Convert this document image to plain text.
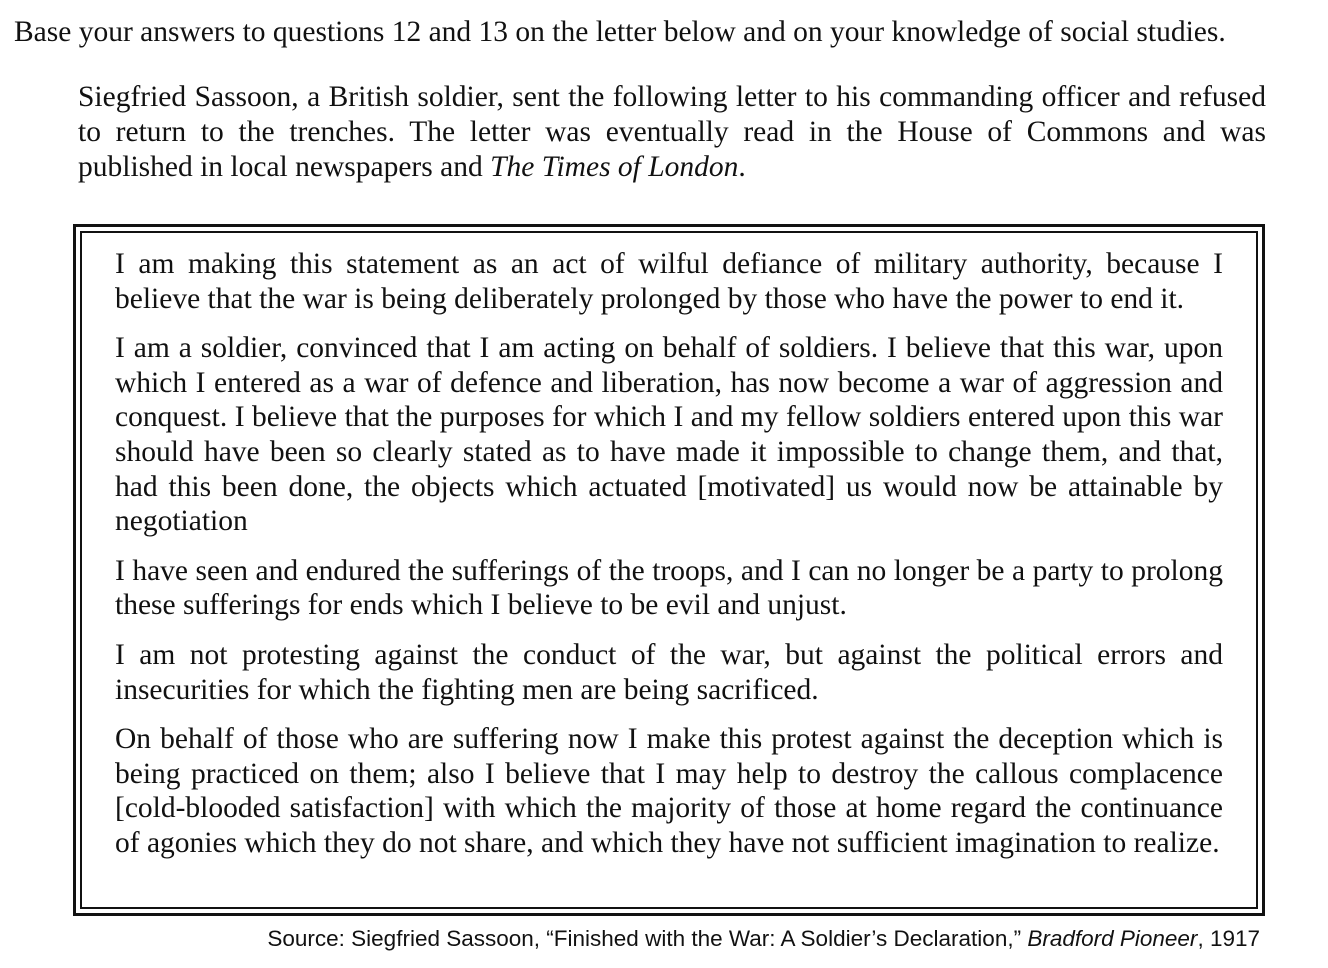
Base your answers to questions 12 and 13 on the letter below and on your knowledge of social studies.

Siegfried Sassoon, a British soldier, sent the following letter to his commanding officer and refused to return to the trenches. The letter was eventually read in the House of Commons and was published in local newspapers and The Times of London.

I am making this statement as an act of wilful defiance of military authority, because I believe that the war is being deliberately prolonged by those who have the power to end it.

I am a soldier, convinced that I am acting on behalf of soldiers. I believe that this war, upon which I entered as a war of defence and liberation, has now become a war of aggression and conquest. I believe that the purposes for which I and my fellow soldiers entered upon this war should have been so clearly stated as to have made it impossible to change them, and that, had this been done, the objects which actuated [motivated] us would now be attainable by negotiation

I have seen and endured the sufferings of the troops, and I can no longer be a party to prolong these sufferings for ends which I believe to be evil and unjust.

I am not protesting against the conduct of the war, but against the political errors and insecurities for which the fighting men are being sacrificed.

On behalf of those who are suffering now I make this protest against the deception which is being practiced on them; also I believe that I may help to destroy the callous complacence [cold-blooded satisfaction] with which the majority of those at home regard the continuance of agonies which they do not share, and which they have not sufficient imagination to realize.

Source: Siegfried Sassoon, “Finished with the War: A Soldier’s Declaration,” Bradford Pioneer, 1917
